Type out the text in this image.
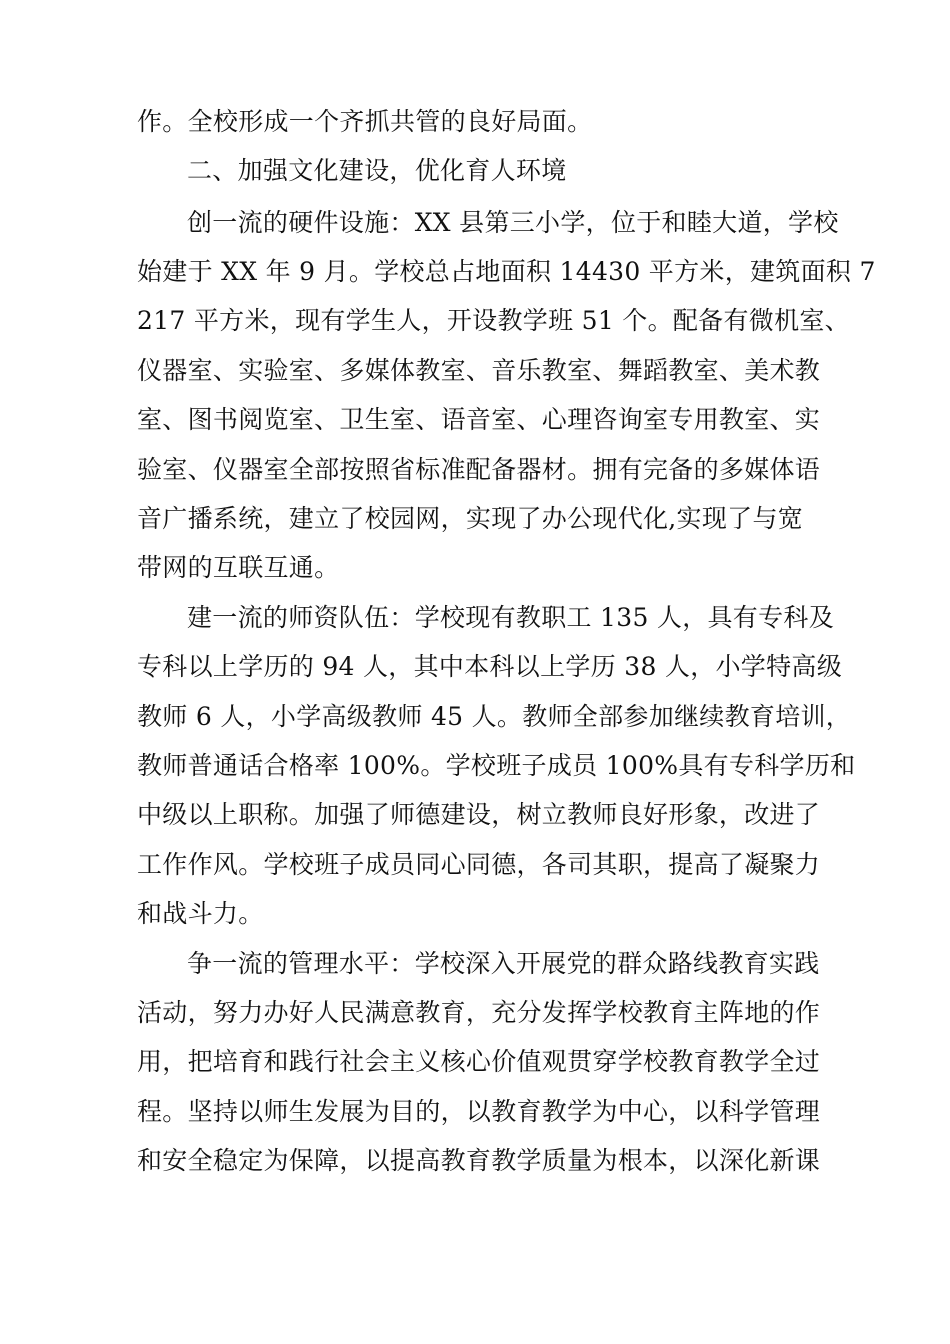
作。全校形成一个齐抓共管的良好局面。
二、加强文化建设，优化育人环境
创一流的硬件设施：XX 县第三小学，位于和睦大道，学校
始建于 XX 年 9 月。学校总占地面积 14430 平方米，建筑面积 7
217 平方米，现有学生人，开设教学班 51 个。配备有微机室、
仪器室、实验室、多媒体教室、音乐教室、舞蹈教室、美术教
室、图书阅览室、卫生室、语音室、心理咨询室专用教室、实
验室、仪器室全部按照省标准配备器材。拥有完备的多媒体语
音广播系统，建立了校园网，实现了办公现代化,实现了与宽
带网的互联互通。
建一流的师资队伍：学校现有教职工 135 人，具有专科及
专科以上学历的 94 人，其中本科以上学历 38 人，小学特高级
教师 6 人，小学高级教师 45 人。教师全部参加继续教育培训，
教师普通话合格率 100%。学校班子成员 100%具有专科学历和
中级以上职称。加强了师德建设，树立教师良好形象，改进了
工作作风。学校班子成员同心同德，各司其职，提高了凝聚力
和战斗力。
争一流的管理水平：学校深入开展党的群众路线教育实践
活动，努力办好人民满意教育，充分发挥学校教育主阵地的作
用，把培育和践行社会主义核心价值观贯穿学校教育教学全过
程。坚持以师生发展为目的，以教育教学为中心，以科学管理
和安全稳定为保障，以提高教育教学质量为根本，以深化新课
